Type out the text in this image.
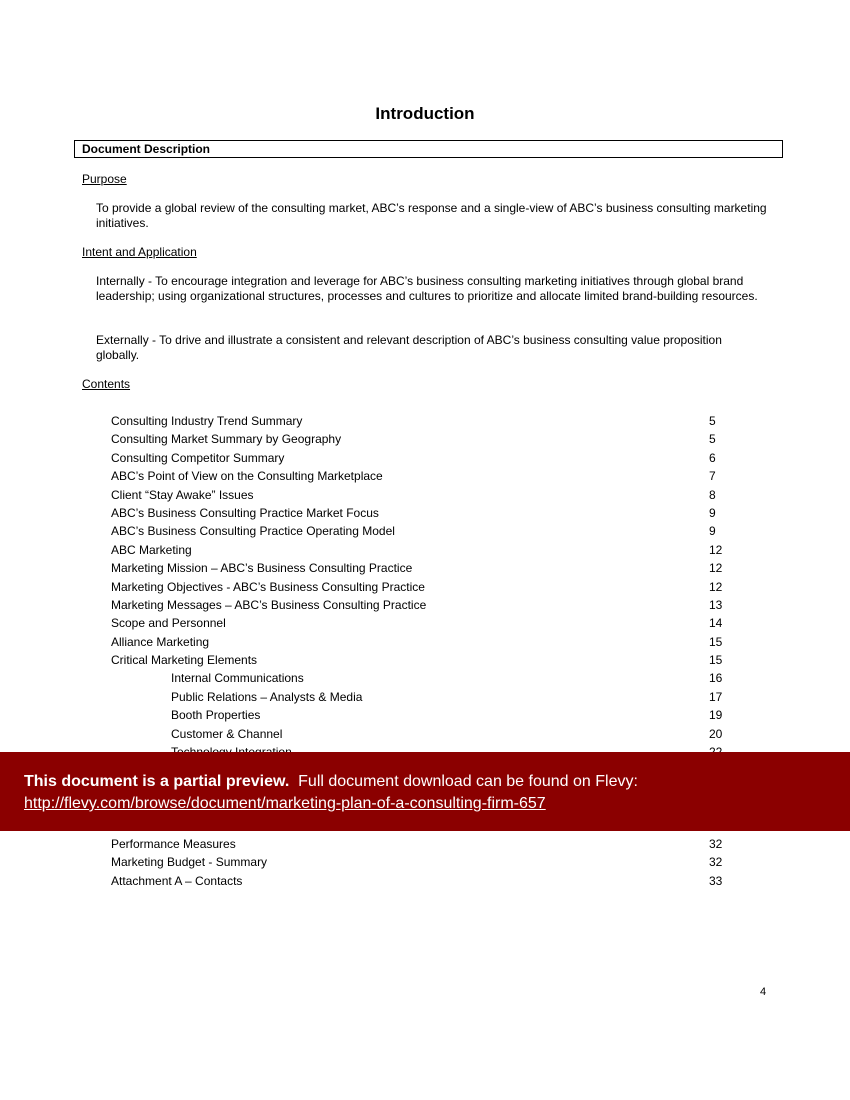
Introduction
Document Description
Purpose
To provide a global review of the consulting market, ABC’s response and a single-view of ABC’s business consulting marketing initiatives.
Intent and Application
Internally - To encourage integration and leverage for ABC’s business consulting marketing initiatives through global brand leadership; using organizational structures, processes and cultures to prioritize and allocate limited brand-building resources.
Externally - To drive and illustrate a consistent and relevant description of ABC’s business consulting value proposition globally.
Contents
Consulting Industry Trend Summary	5
Consulting Market Summary by Geography	5
Consulting Competitor Summary	6
ABC’s Point of View on the Consulting Marketplace	7
Client “Stay Awake” Issues	8
ABC’s Business Consulting Practice Market Focus	9
ABC’s Business Consulting Practice Operating Model	9
ABC Marketing	12
Marketing Mission – ABC’s Business Consulting Practice	12
Marketing Objectives - ABC’s Business Consulting Practice	12
Marketing Messages – ABC’s Business Consulting Practice	13
Scope and Personnel	14
Alliance Marketing	15
Critical Marketing Elements	15
Internal Communications	16
Public Relations – Analysts & Media	17
Booth Properties	19
Customer & Channel	20
Performance Measures	32
Marketing Budget - Summary	32
Attachment A – Contacts	33
4
This document is a partial preview. Full document download can be found on Flevy:
http://flevy.com/browse/document/marketing-plan-of-a-consulting-firm-657
